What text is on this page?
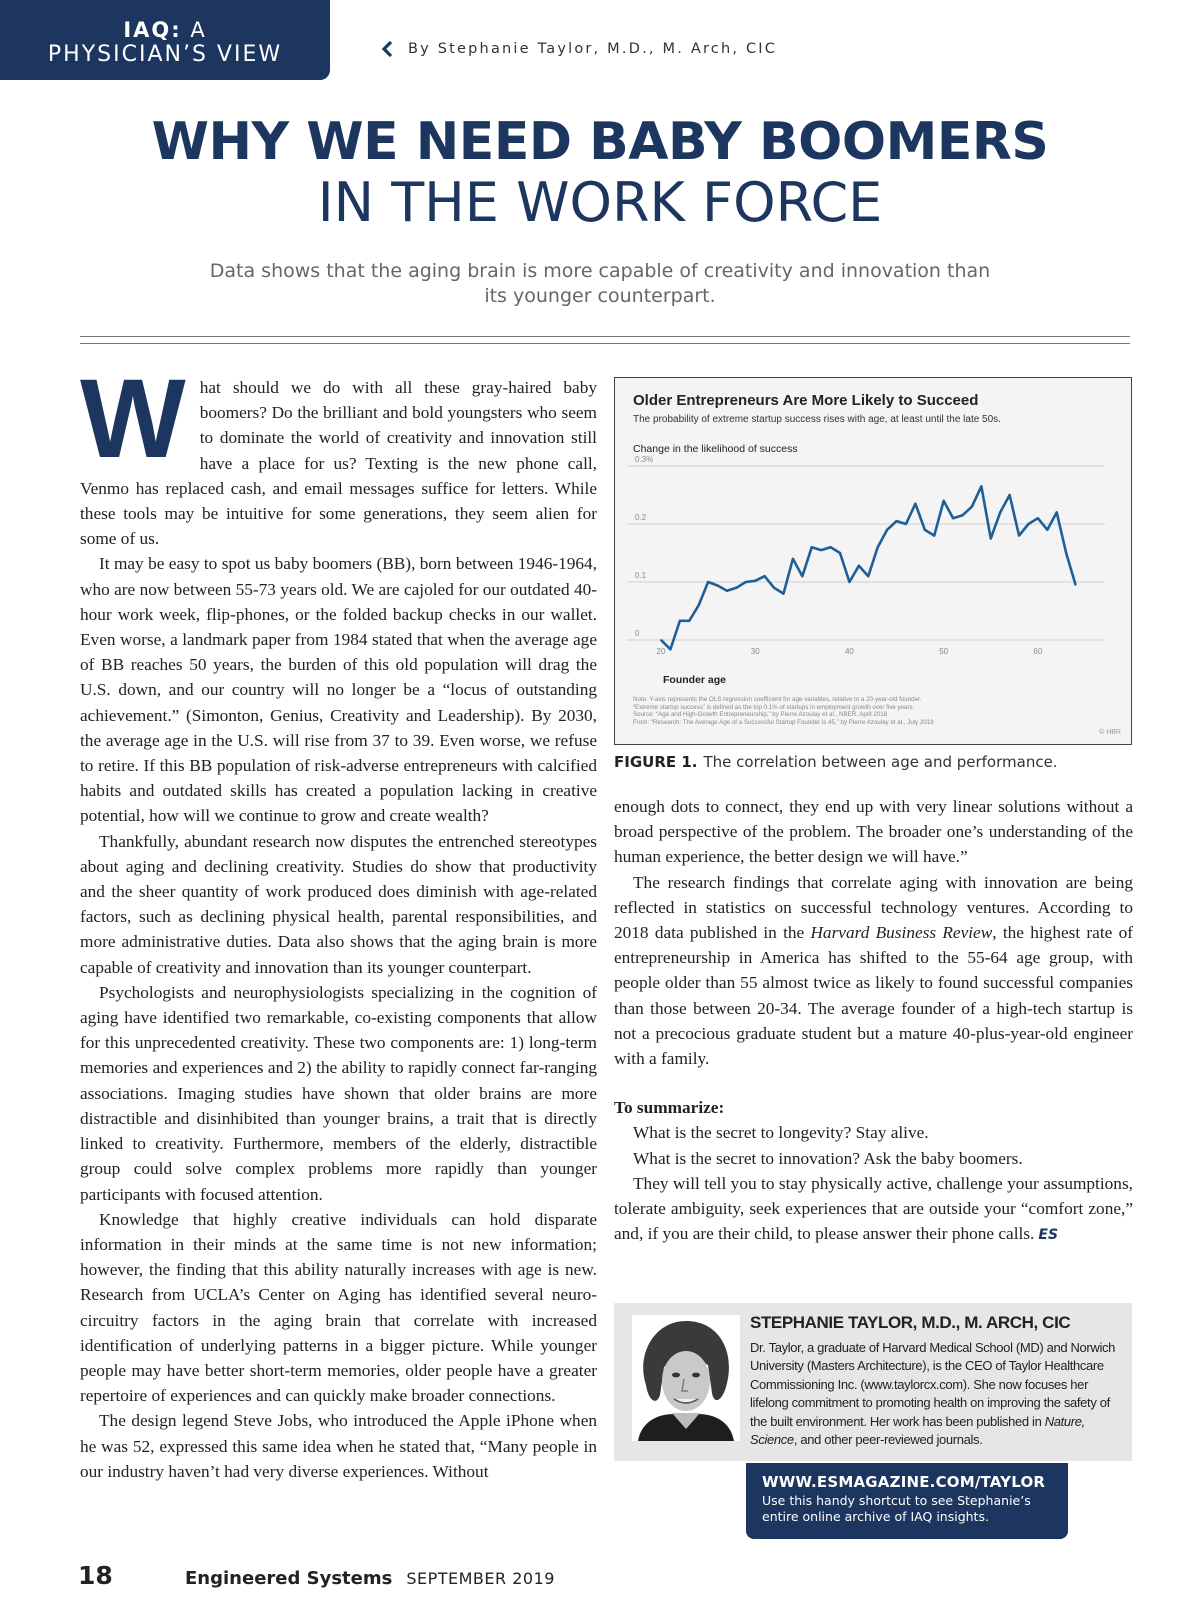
IAQ: A
PHYSICIAN’S VIEW	By Stephanie Taylor, M.D., M. Arch, CIC
WHY WE NEED BABY BOOMERS
IN THE WORK FORCE
Data shows that the aging brain is more capable of creativity and innovation than its younger counterpart.

What should we do with all these gray-haired baby boomers? Do the brilliant and bold youngsters who seem to dominate the world of creativity and innovation still have a place for us? Texting is the new phone call, Venmo has replaced cash, and email messages suffice for letters. While these tools may be intuitive for some generations, they seem alien for some of us.

It may be easy to spot us baby boomers (BB), born between 1946-1964, who are now between 55-73 years old. We are cajoled for our outdated 40-hour work week, flip-phones, or the folded backup checks in our wallet. Even worse, a landmark paper from 1984 stated that when the average age of BB reaches 50 years, the burden of this old population will drag the U.S. down, and our country will no longer be a “locus of outstanding achievement.” (Simonton, Genius, Creativity and Leadership). By 2030, the average age in the U.S. will rise from 37 to 39. Even worse, we refuse to retire. If this BB population of risk-adverse entrepreneurs with calcified habits and outdated skills has created a population lacking in creative potential, how will we continue to grow and create wealth?

Thankfully, abundant research now disputes the entrenched stereotypes about aging and declining creativity. Studies do show that productivity and the sheer quantity of work produced does diminish with age-related factors, such as declining physical health, parental responsibilities, and more administrative duties. Data also shows that the aging brain is more capable of creativity and innovation than its younger counterpart.

Psychologists and neurophysiologists specializing in the cognition of aging have identified two remarkable, co-existing components that allow for this unprecedented creativity. These two components are: 1) long-term memories and experiences and 2) the ability to rapidly connect far-ranging associations. Imaging studies have shown that older brains are more distractible and disinhibited than younger brains, a trait that is directly linked to creativity. Furthermore, members of the elderly, distractible group could solve complex problems more rapidly than younger participants with focused attention.

Knowledge that highly creative individuals can hold disparate information in their minds at the same time is not new information; however, the finding that this ability naturally increases with age is new. Research from UCLA’s Center on Aging has identified several neuro-circuitry factors in the aging brain that correlate with increased identification of underlying patterns in a bigger picture. While younger people may have better short-term memories, older people have a greater repertoire of experiences and can quickly make broader connections.

The design legend Steve Jobs, who introduced the Apple iPhone when he was 52, expressed this same idea when he stated that, “Many people in our industry haven’t had very diverse experiences. Without

Older Entrepreneurs Are More Likely to Succeed
The probability of extreme startup success rises with age, at least until the late 50s.
Change in the likelihood of success
0
0.1
0.2
0.3%
20	30	40	50	60
Founder age
Note: Y-axis represents the OLS regression coefficient for age variables, relative to a 20-year-old founder.
“Extreme startup success” is defined as the top 0.1% of startups in employment growth over five years.
Source: “Age and High-Growth Entrepreneurship,” by Pierre Azoulay et al., NBER, April 2018
From: “Research: The Average Age of a Successful Startup Founder is 45,” by Pierre Azoulay et al., July 2018
© HBR
FIGURE 1. The correlation between age and performance.

enough dots to connect, they end up with very linear solutions without a broad perspective of the problem. The broader one’s understanding of the human experience, the better design we will have.”

The research findings that correlate aging with innovation are being reflected in statistics on successful technology ventures. According to 2018 data published in the Harvard Business Review, the highest rate of entrepreneurship in America has shifted to the 55-64 age group, with people older than 55 almost twice as likely to found successful companies than those between 20-34. The average founder of a high-tech startup is not a precocious graduate student but a mature 40-plus-year-old engineer with a family.

To summarize:

What is the secret to longevity? Stay alive.

What is the secret to innovation? Ask the baby boomers.

They will tell you to stay physically active, challenge your assumptions, tolerate ambiguity, seek experiences that are outside your “comfort zone,” and, if you are their child, to please answer their phone calls. ES

STEPHANIE TAYLOR, M.D., M. ARCH, CIC
Dr. Taylor, a graduate of Harvard Medical School (MD) and Norwich University (Masters Architecture), is the CEO of Taylor Healthcare Commissioning Inc. (www.taylorcx.com). She now focuses her lifelong commitment to promoting health on improving the safety of the built environment. Her work has been published in Nature, Science, and other peer-reviewed journals.
WWW.ESMAGAZINE.COM/TAYLOR
Use this handy shortcut to see Stephanie’s
entire online archive of IAQ insights.
18	Engineered Systems SEPTEMBER 2019
